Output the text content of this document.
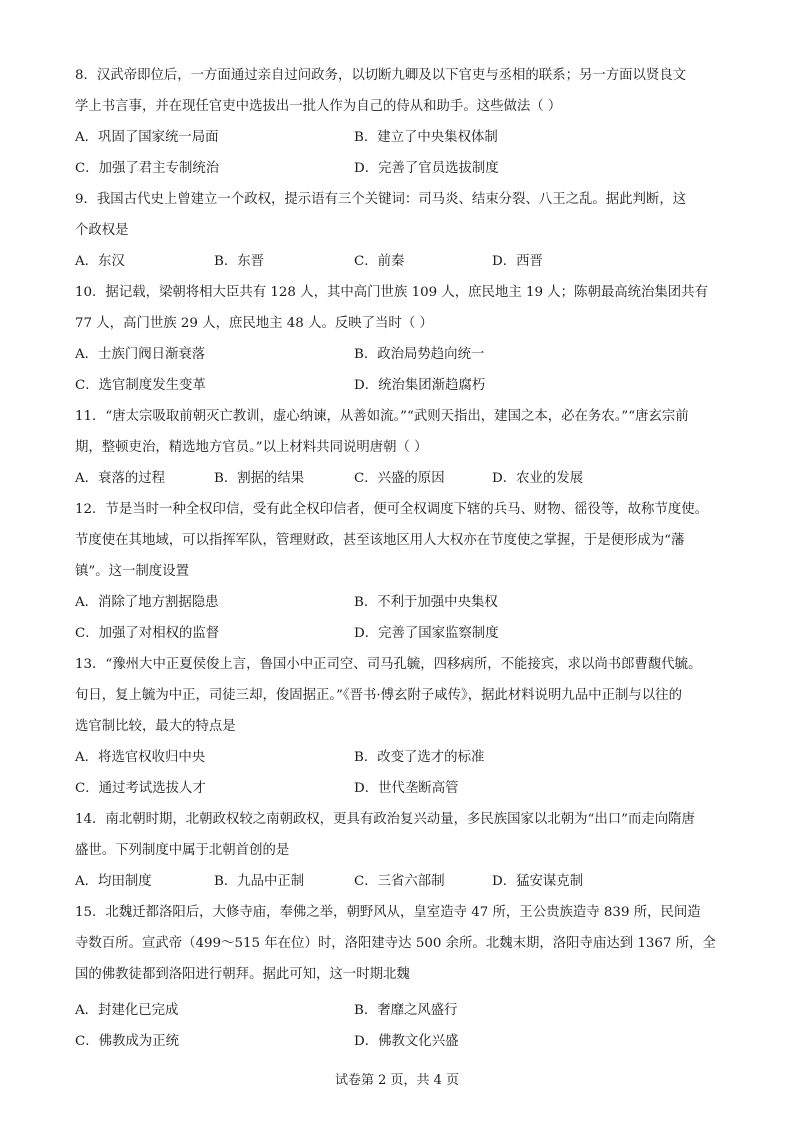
8．汉武帝即位后，一方面通过亲自过问政务，以切断九卿及以下官吏与丞相的联系；另一方面以贤良文
学上书言事，并在现任官吏中选拔出一批人作为自己的侍从和助手。这些做法（ ）
A．巩固了国家统一局面	B．建立了中央集权体制
C．加强了君主专制统治	D．完善了官员选拔制度
9．我国古代史上曾建立一个政权，提示语有三个关键词：司马炎、结束分裂、八王之乱。据此判断，这
个政权是
A．东汉	B．东晋	C．前秦	D．西晋
10．据记载，梁朝将相大臣共有 128 人，其中高门世族 109 人，庶民地主 19 人；陈朝最高统治集团共有
77 人，高门世族 29 人，庶民地主 48 人。反映了当时（ ）
A．士族门阀日渐衰落	B．政治局势趋向统一
C．选官制度发生变革	D．统治集团渐趋腐朽
11．“唐太宗吸取前朝灭亡教训，虚心纳谏，从善如流。”“武则天指出，建国之本，必在务农。”“唐玄宗前
期，整顿吏治，精选地方官员。”以上材料共同说明唐朝（ ）
A．衰落的过程	B．割据的结果	C．兴盛的原因	D．农业的发展
12．节是当时一种全权印信，受有此全权印信者，便可全权调度下辖的兵马、财物、徭役等，故称节度使。
节度使在其地域，可以指挥军队，管理财政，甚至该地区用人大权亦在节度使之掌握，于是便形成为“藩
镇”。这一制度设置
A．消除了地方割据隐患	B．不利于加强中央集权
C．加强了对相权的监督	D．完善了国家监察制度
13．“豫州大中正夏侯俊上言，鲁国小中正司空、司马孔毓，四移病所，不能接宾，求以尚书郎曹馥代毓。
旬日，复上毓为中正，司徒三却，俊固据正。”《晋书·傅玄附子咸传》，据此材料说明九品中正制与以往的
选官制比较，最大的特点是
A．将选官权收归中央	B．改变了选才的标准
C．通过考试选拔人才	D．世代垄断高管
14．南北朝时期，北朝政权较之南朝政权，更具有政治复兴动量，多民族国家以北朝为“出口”而走向隋唐
盛世。下列制度中属于北朝首创的是
A．均田制度	B．九品中正制	C．三省六部制	D．猛安谋克制
15．北魏迁都洛阳后，大修寺庙，奉佛之举，朝野风从，皇室造寺 47 所，王公贵族造寺 839 所，民间造
寺数百所。宣武帝（499～515 年在位）时，洛阳建寺达 500 余所。北魏末期，洛阳寺庙达到 1367 所，全
国的佛教徒都到洛阳进行朝拜。据此可知，这一时期北魏
A．封建化已完成	B．奢靡之风盛行
C．佛教成为正统	D．佛教文化兴盛
试卷第 2 页，共 4 页
